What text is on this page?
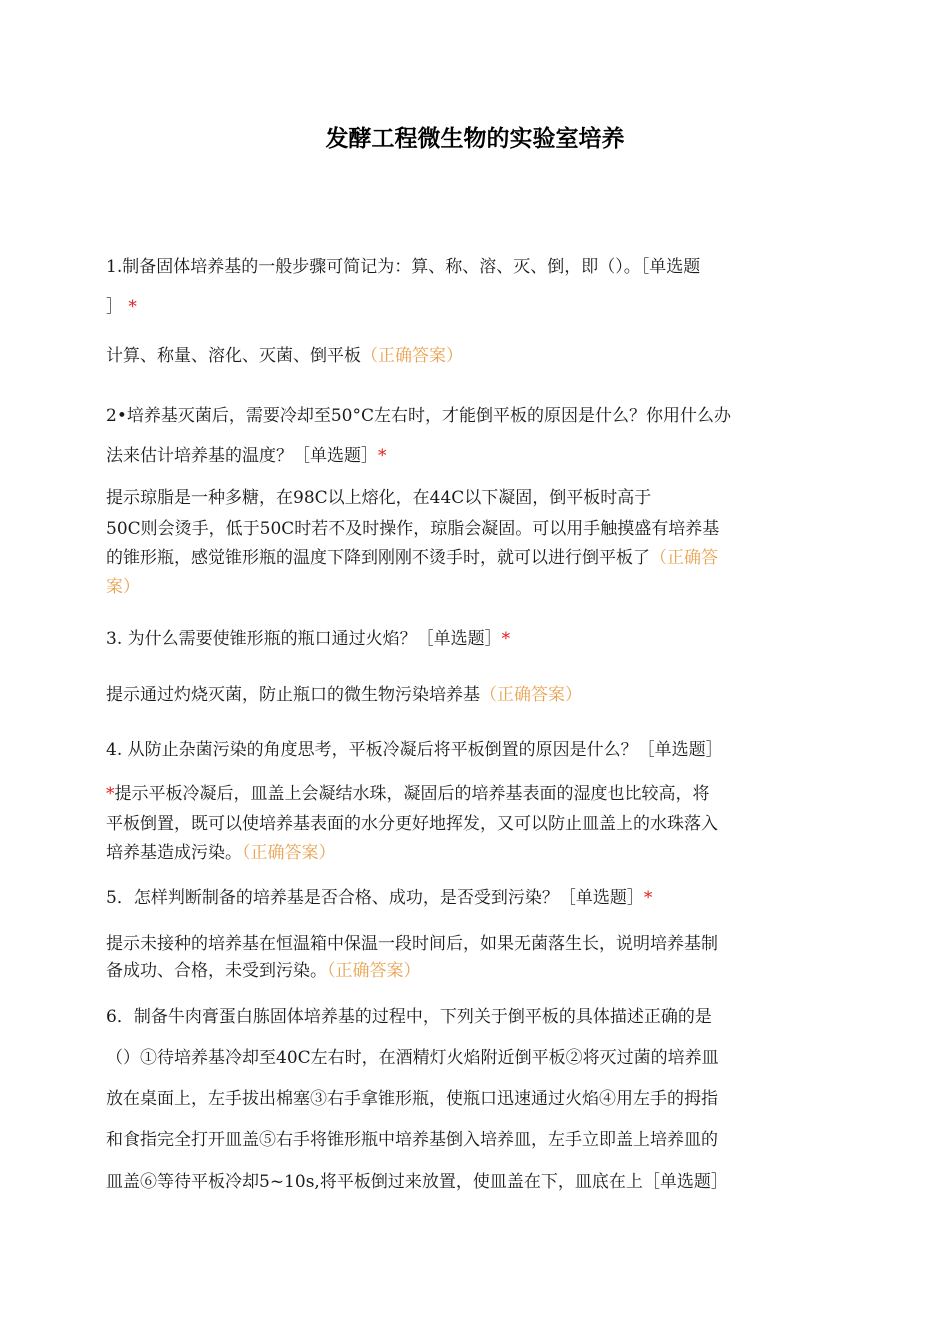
发酵工程微生物的实验室培养
1.制备固体培养基的一般步骤可简记为：算、称、溶、灭、倒，即（）。［单选题
］ *
计算、称量、溶化、灭菌、倒平板（正确答案）
2•培养基灭菌后，需要冷却至50°C左右时，才能倒平板的原因是什么？你用什么办
法来估计培养基的温度？［单选题］*
提示琼脂是一种多糖，在98C以上熔化，在44C以下凝固，倒平板时高于
50C则会烫手，低于50C时若不及时操作，琼脂会凝固。可以用手触摸盛有培养基
的锥形瓶，感觉锥形瓶的温度下降到刚刚不烫手时，就可以进行倒平板了（正确答
案）
3. 为什么需要使锥形瓶的瓶口通过火焰？［单选题］*
提示通过灼烧灭菌，防止瓶口的微生物污染培养基（正确答案）
4. 从防止杂菌污染的角度思考，平板冷凝后将平板倒置的原因是什么？［单选题］
*提示平板冷凝后，皿盖上会凝结水珠，凝固后的培养基表面的湿度也比较高，将
平板倒置，既可以使培养基表面的水分更好地挥发，又可以防止皿盖上的水珠落入
培养基造成污染。（正确答案）
5．怎样判断制备的培养基是否合格、成功，是否受到污染？［单选题］*
提示未接种的培养基在恒温箱中保温一段时间后，如果无菌落生长，说明培养基制
备成功、合格，未受到污染。（正确答案）
6．制备牛肉膏蛋白胨固体培养基的过程中，下列关于倒平板的具体描述正确的是
（）①待培养基冷却至40C左右时，在酒精灯火焰附近倒平板②将灭过菌的培养皿
放在桌面上，左手拔出棉塞③右手拿锥形瓶，使瓶口迅速通过火焰④用左手的拇指
和食指完全打开皿盖⑤右手将锥形瓶中培养基倒入培养皿，左手立即盖上培养皿的
皿盖⑥等待平板冷却5~10s,将平板倒过来放置，使皿盖在下，皿底在上［单选题］
